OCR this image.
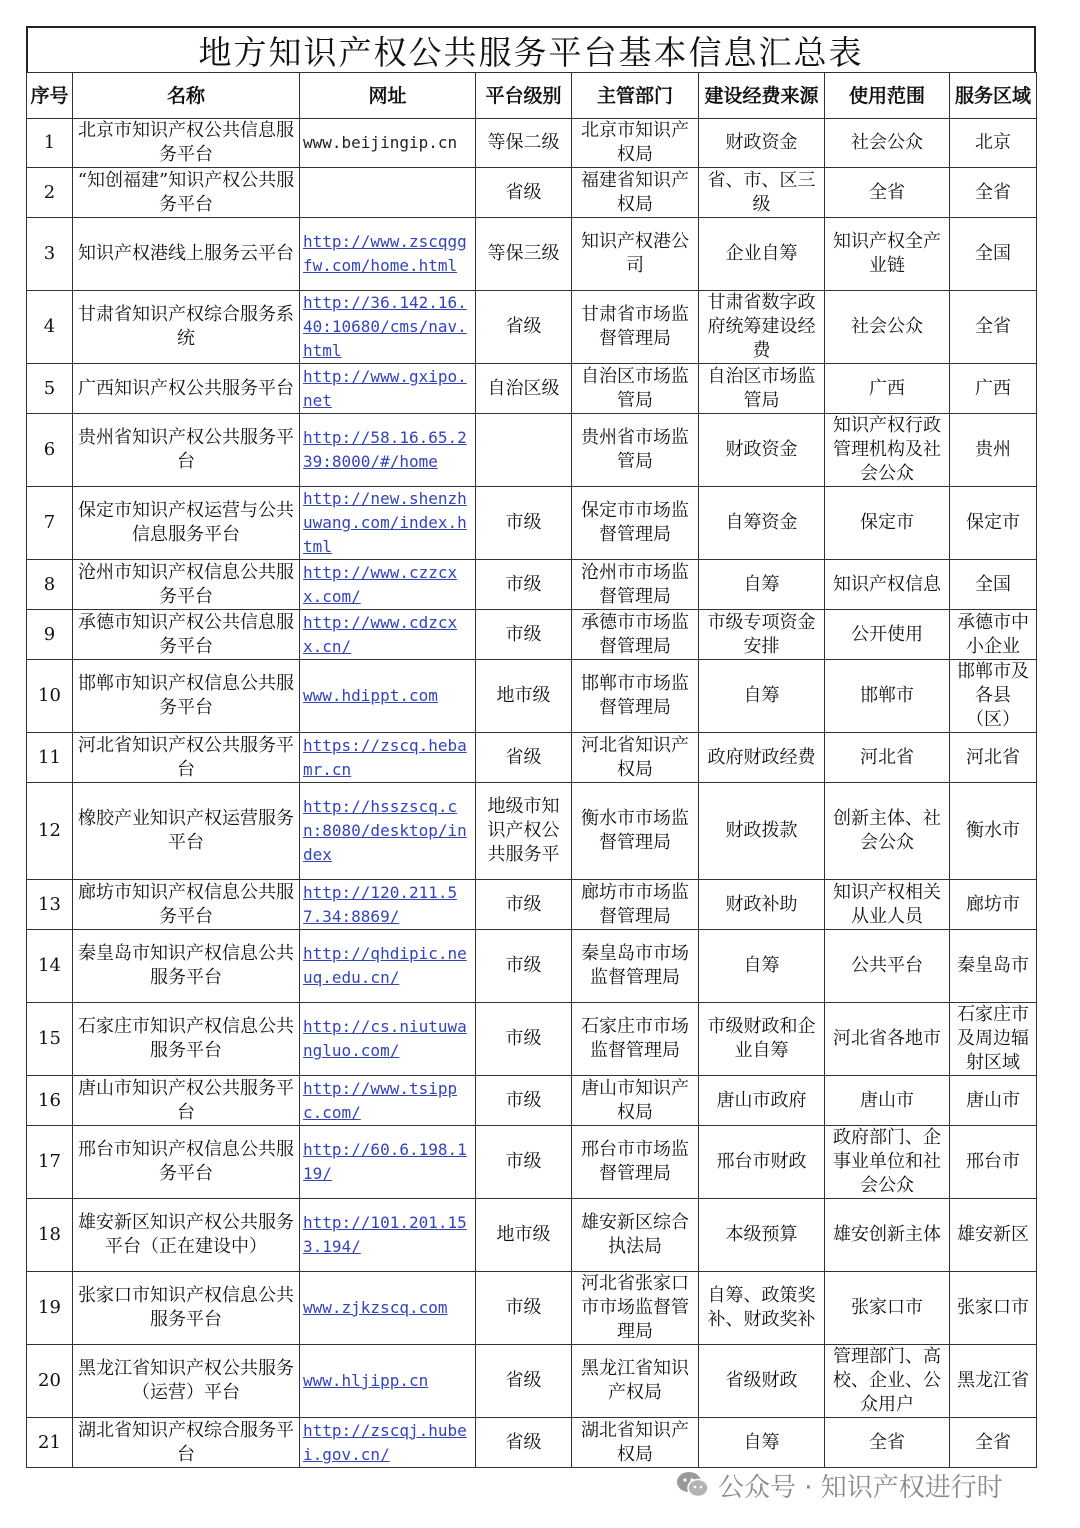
地方知识产权公共服务平台基本信息汇总表
序号	名称	网址	平台级别	主管部门	建设经费来源	使用范围	服务区域
1	北京市知识产权公共信息服务平台	www.beijingip.cn	等保二级	北京市知识产权局	财政资金	社会公众	北京
2	“知创福建”知识产权公共服务平台		省级	福建省知识产权局	省、市、区三级	全省	全省
3	知识产权港线上服务云平台	http://www.zscqggfw.com/home.html	等保三级	知识产权港公司	企业自筹	知识产权全产业链	全国
4	甘肃省知识产权综合服务系统	http://36.142.16.40:10680/cms/nav.html	省级	甘肃省市场监督管理局	甘肃省数字政府统筹建设经费	社会公众	全省
5	广西知识产权公共服务平台	http://www.gxipo.net	自治区级	自治区市场监管局	自治区市场监管局	广西	广西
6	贵州省知识产权公共服务平台	http://58.16.65.239:8000/#/home		贵州省市场监管局	财政资金	知识产权行政管理机构及社会公众	贵州
7	保定市知识产权运营与公共信息服务平台	http://new.shenzhuwang.com/index.html	市级	保定市市场监督管理局	自筹资金	保定市	保定市
8	沧州市知识产权信息公共服务平台	http://www.czzcxx.com/	市级	沧州市市场监督管理局	自筹	知识产权信息	全国
9	承德市知识产权公共信息服务平台	http://www.cdzcxx.cn/	市级	承德市市场监督管理局	市级专项资金安排	公开使用	承德市中小企业
10	邯郸市知识产权信息公共服务平台	www.hdippt.com	地市级	邯郸市市场监督管理局	自筹	邯郸市	邯郸市及各县（区）
11	河北省知识产权公共服务平台	https://zscq.hebamr.cn	省级	河北省知识产权局	政府财政经费	河北省	河北省
12	橡胶产业知识产权运营服务平台	http://hsszscq.cn:8080/desktop/index	地级市知识产权公共服务平	衡水市市场监督管理局	财政拨款	创新主体、社会公众	衡水市
13	廊坊市知识产权信息公共服务平台	http://120.211.57.34:8869/	市级	廊坊市市场监督管理局	财政补助	知识产权相关从业人员	廊坊市
14	秦皇岛市知识产权信息公共服务平台	http://qhdipic.neuq.edu.cn/	市级	秦皇岛市市场监督管理局	自筹	公共平台	秦皇岛市
15	石家庄市知识产权信息公共服务平台	http://cs.niutuwangluo.com/	市级	石家庄市市场监督管理局	市级财政和企业自筹	河北省各地市	石家庄市及周边辐射区域
16	唐山市知识产权公共服务平台	http://www.tsippc.com/	市级	唐山市知识产权局	唐山市政府	唐山市	唐山市
17	邢台市知识产权信息公共服务平台	http://60.6.198.119/	市级	邢台市市场监督管理局	邢台市财政	政府部门、企事业单位和社会公众	邢台市
18	雄安新区知识产权公共服务平台（正在建设中）	http://101.201.153.194/	地市级	雄安新区综合执法局	本级预算	雄安创新主体	雄安新区
19	张家口市知识产权信息公共服务平台	www.zjkzscq.com	市级	河北省张家口市市场监督管理局	自筹、政策奖补、财政奖补	张家口市	张家口市
20	黑龙江省知识产权公共服务（运营）平台	www.hljipp.cn	省级	黑龙江省知识产权局	省级财政	管理部门、高校、企业、公众用户	黑龙江省
21	湖北省知识产权综合服务平台	http://zscqj.hubei.gov.cn/	省级	湖北省知识产权局	自筹	全省	全省
公众号 · 知识产权进行时
